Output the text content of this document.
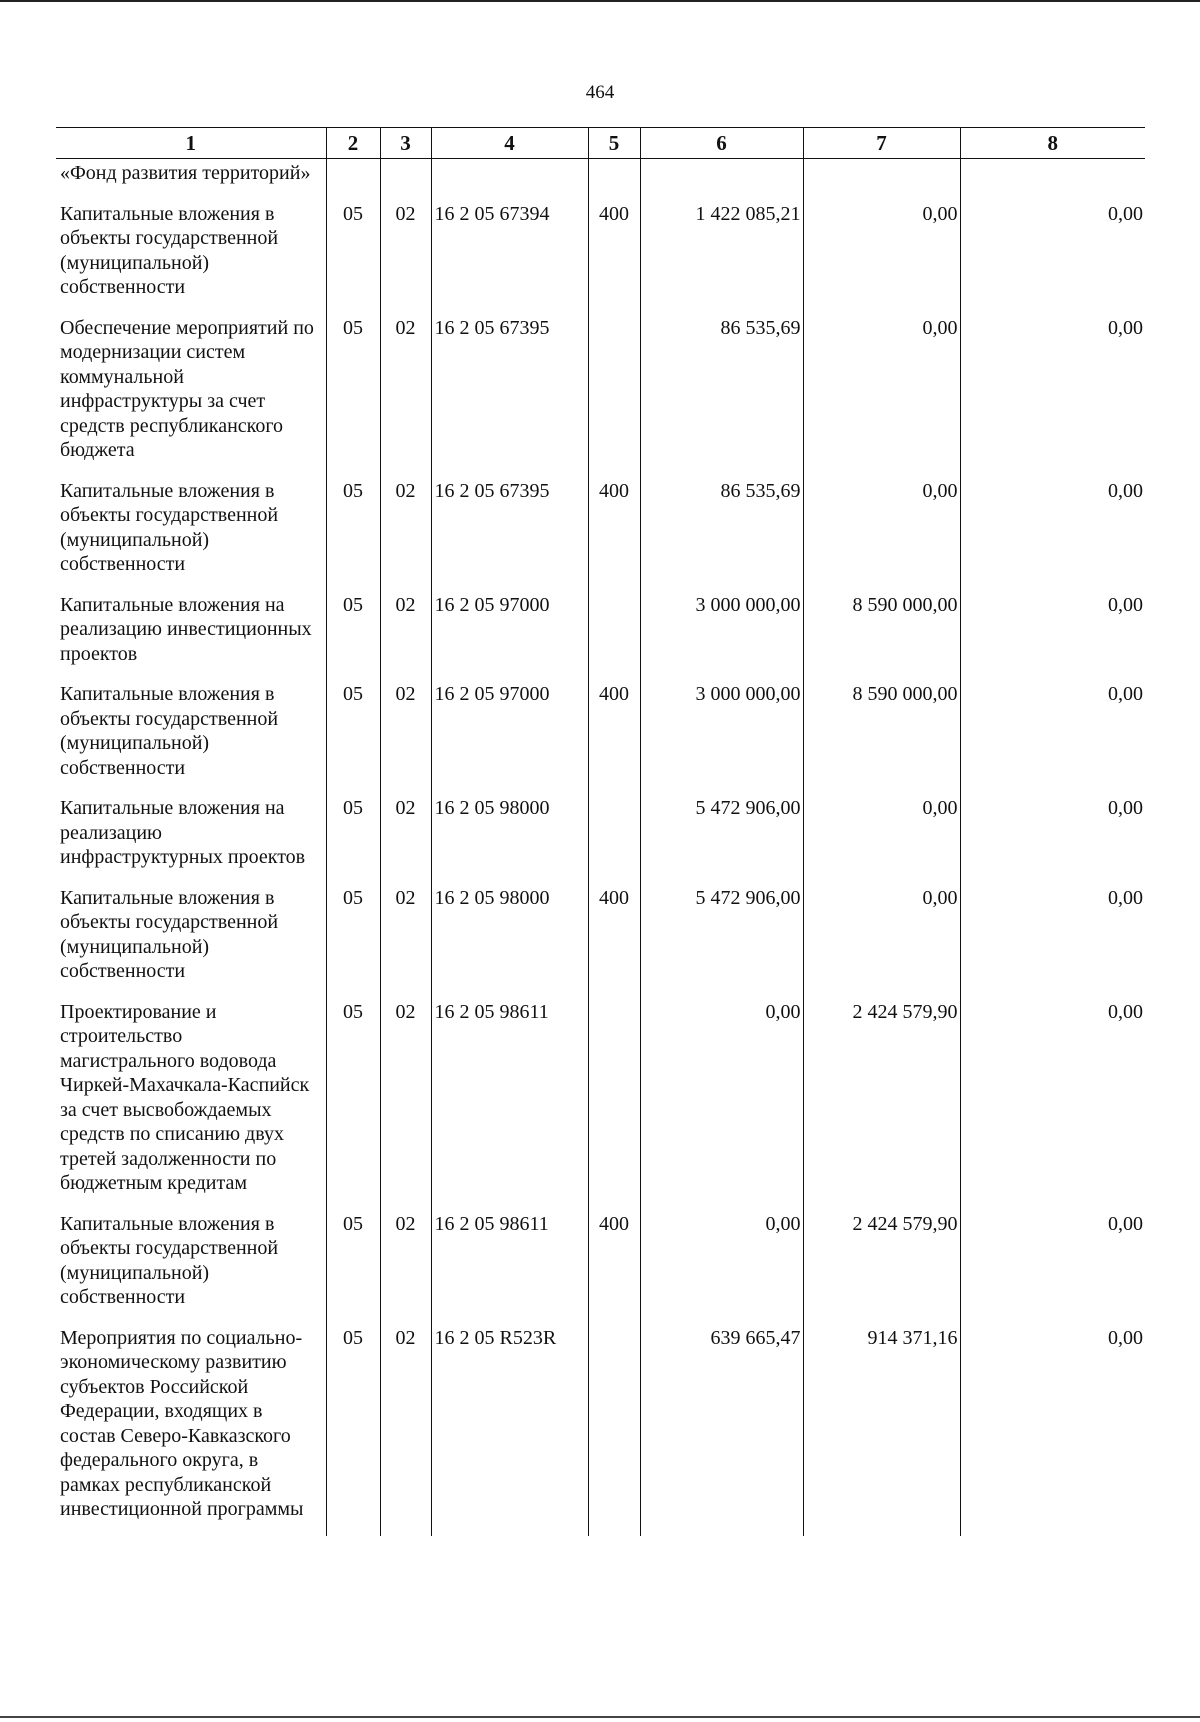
464
1	2	3	4	5	6	7	8

«Фонд развития территорий»							

Капитальные вложения в объекты государственной (муниципальной) собственности	05	02	16 2 05 67394	400	1 422 085,21	0,00	0,00

Обеспечение мероприятий по модернизации систем коммунальной инфраструктуры за счет средств республиканского бюджета	05	02	16 2 05 67395		86 535,69	0,00	0,00

Капитальные вложения в объекты государственной (муниципальной) собственности	05	02	16 2 05 67395	400	86 535,69	0,00	0,00

Капитальные вложения на реализацию инвестиционных проектов	05	02	16 2 05 97000		3 000 000,00	8 590 000,00	0,00

Капитальные вложения в объекты государственной (муниципальной) собственности	05	02	16 2 05 97000	400	3 000 000,00	8 590 000,00	0,00

Капитальные вложения на реализацию инфраструктурных проектов	05	02	16 2 05 98000		5 472 906,00	0,00	0,00

Капитальные вложения в объекты государственной (муниципальной) собственности	05	02	16 2 05 98000	400	5 472 906,00	0,00	0,00

Проектирование и строительство магистрального водовода Чиркей-Махачкала-Каспийск за счет высвобождаемых средств по списанию двух третей задолженности по бюджетным кредитам	05	02	16 2 05 98611		0,00	2 424 579,90	0,00

Капитальные вложения в объекты государственной (муниципальной) собственности	05	02	16 2 05 98611	400	0,00	2 424 579,90	0,00

Мероприятия по социально-экономическому развитию субъектов Российской Федерации, входящих в состав Северо-Кавказского федерального округа, в рамках республиканской инвестиционной программы	05	02	16 2 05 R523R		639 665,47	914 371,16	0,00
